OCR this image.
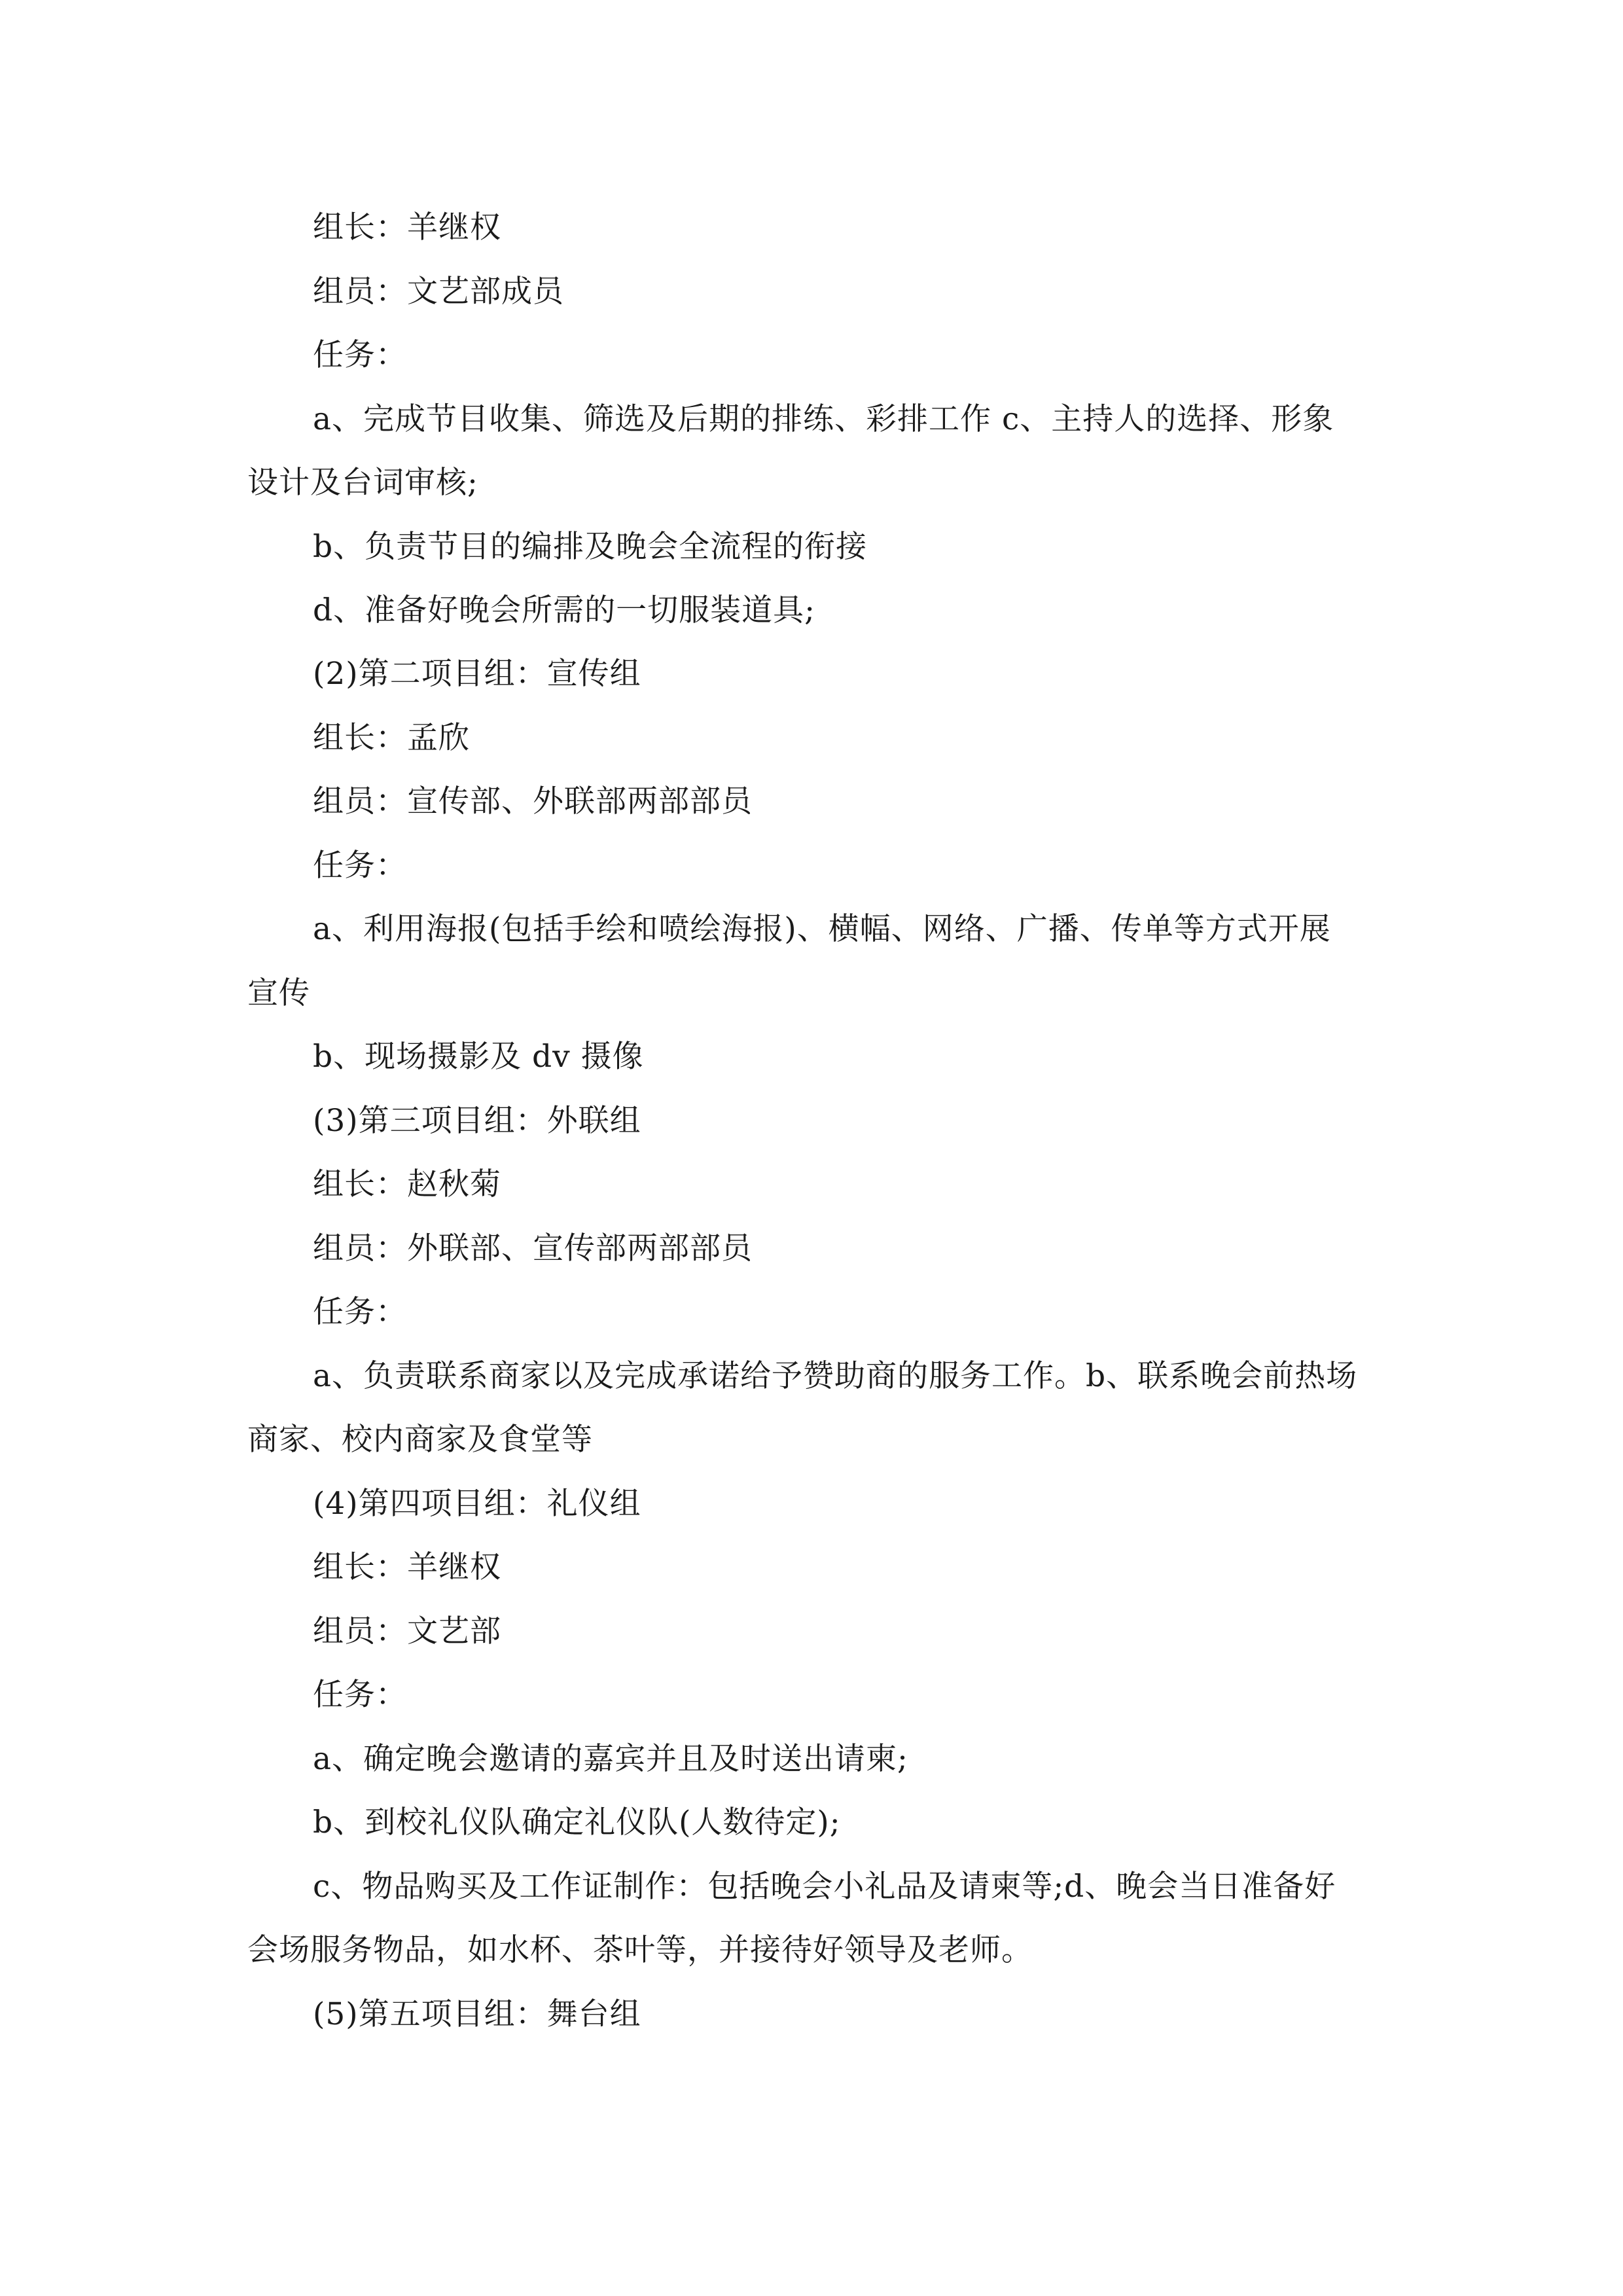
组长：羊继权

组员：文艺部成员

任务：

a、完成节目收集、筛选及后期的排练、彩排工作 c、主持人的选择、形象

设计及台词审核;

b、负责节目的编排及晚会全流程的衔接

d、准备好晚会所需的一切服装道具;

(2)第二项目组：宣传组

组长：孟欣

组员：宣传部、外联部两部部员

任务：

a、利用海报(包括手绘和喷绘海报)、横幅、网络、广播、传单等方式开展

宣传

b、现场摄影及 dv 摄像

(3)第三项目组：外联组

组长：赵秋菊

组员：外联部、宣传部两部部员

任务：

a、负责联系商家以及完成承诺给予赞助商的服务工作。b、联系晚会前热场

商家、校内商家及食堂等

(4)第四项目组：礼仪组

组长：羊继权

组员：文艺部

任务：

a、确定晚会邀请的嘉宾并且及时送出请柬;

b、到校礼仪队确定礼仪队(人数待定);

c、物品购买及工作证制作：包括晚会小礼品及请柬等;d、晚会当日准备好

会场服务物品，如水杯、茶叶等，并接待好领导及老师。

(5)第五项目组：舞台组
